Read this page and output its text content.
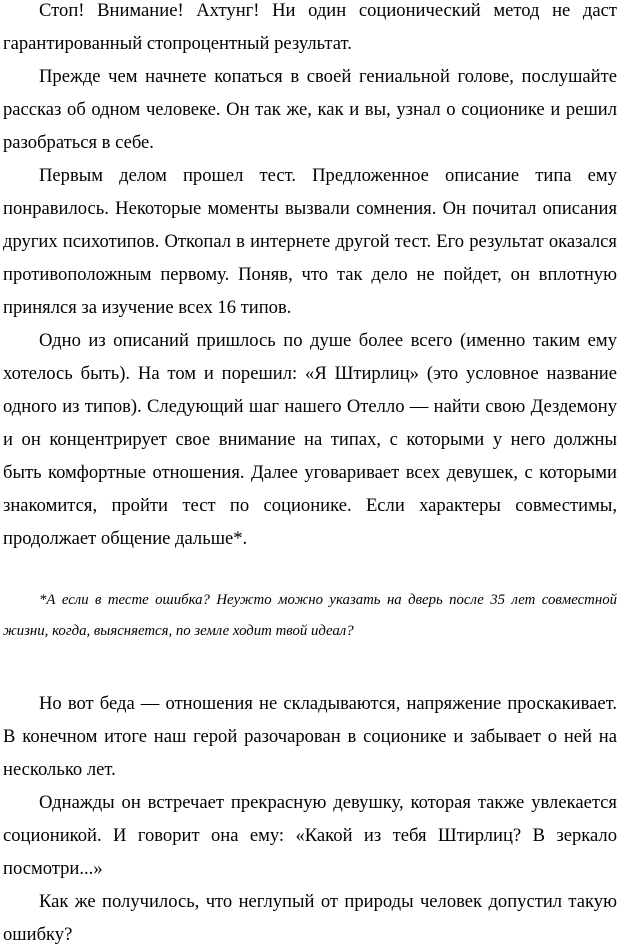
Стоп! Внимание! Ахтунг! Ни один соционический метод не даст гарантированный стопроцентный результат.

Прежде чем начнете копаться в своей гениальной голове, послушайте рассказ об одном человеке. Он так же, как и вы, узнал о соционике и решил разобраться в себе.

Первым делом прошел тест. Предложенное описание типа ему понравилось. Некоторые моменты вызвали сомнения. Он почитал описания других психотипов. Откопал в интернете другой тест. Его результат оказался противоположным первому. Поняв, что так дело не пойдет, он вплотную принялся за изучение всех 16 типов.

Одно из описаний пришлось по душе более всего (именно таким ему хотелось быть). На том и порешил: «Я Штирлиц» (это условное название одного из типов). Следующий шаг нашего Отелло — найти свою Дездемону и он концентрирует свое внимание на типах, с которыми у него должны быть комфортные отношения. Далее уговаривает всех девушек, с которыми знакомится, пройти тест по соционике. Если характеры совместимы, продолжает общение дальше*.

*А если в тесте ошибка? Неужто можно указать на дверь после 35 лет совместной жизни, когда, выясняется, по земле ходит твой идеал?

Но вот беда — отношения не складываются, напряжение проскакивает. В конечном итоге наш герой разочарован в соционике и забывает о ней на несколько лет.

Однажды он встречает прекрасную девушку, которая также увлекается соционикой. И говорит она ему: «Какой из тебя Штирлиц? В зеркало посмотри...»

Как же получилось, что неглупый от природы человек допустил такую ошибку?
